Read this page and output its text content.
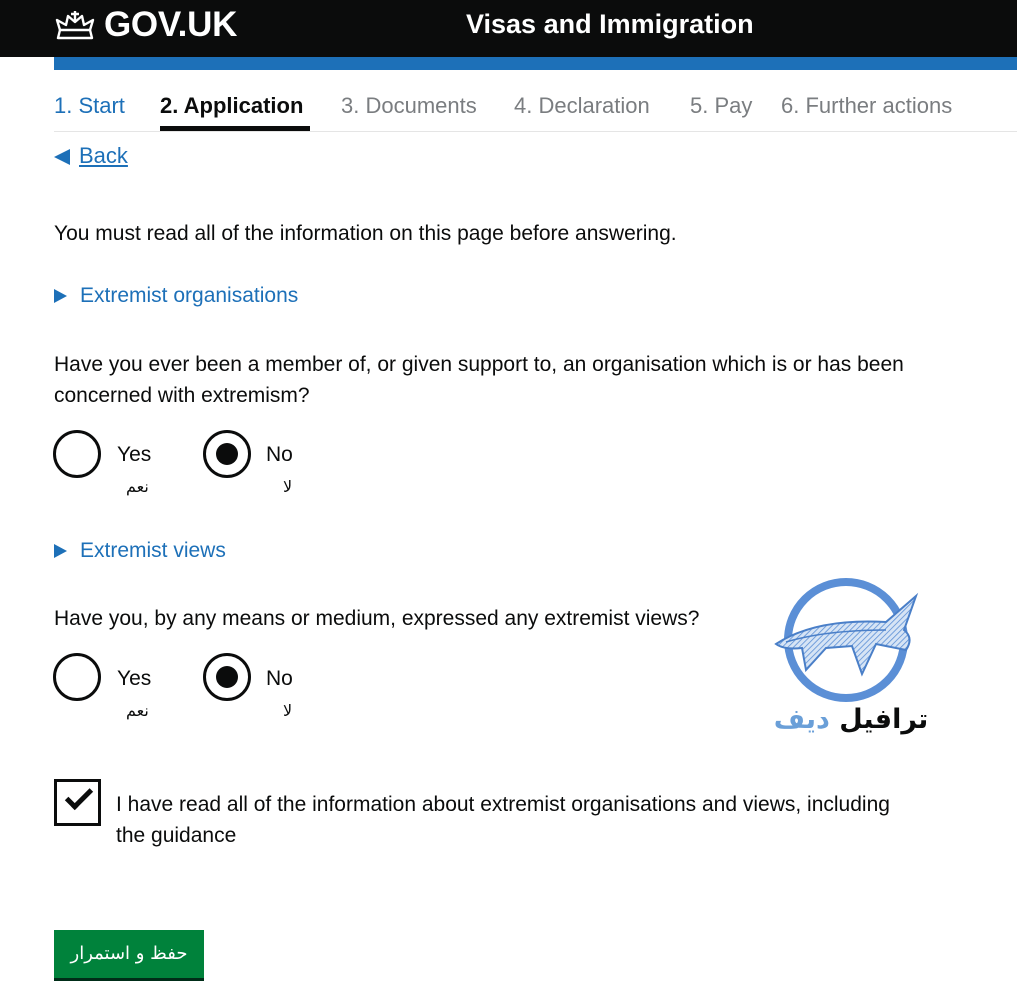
GOV.UK	Visas and Immigration
1. Start 2. Application 3. Documents 4. Declaration 5. Pay 6. Further actions
Back

You must read all of the information on this page before answering.

Extremist organisations

Have you ever been a member of, or given support to, an organisation which is or has been concerned with extremism?

Yes
نعم
No
لا
Extremist views

Have you, by any means or medium, expressed any extremist views?

Yes
نعم
No
لا	ترافيل ديف

I have read all of the information about extremist organisations and views, including the guidance

حفظ و استمرار
